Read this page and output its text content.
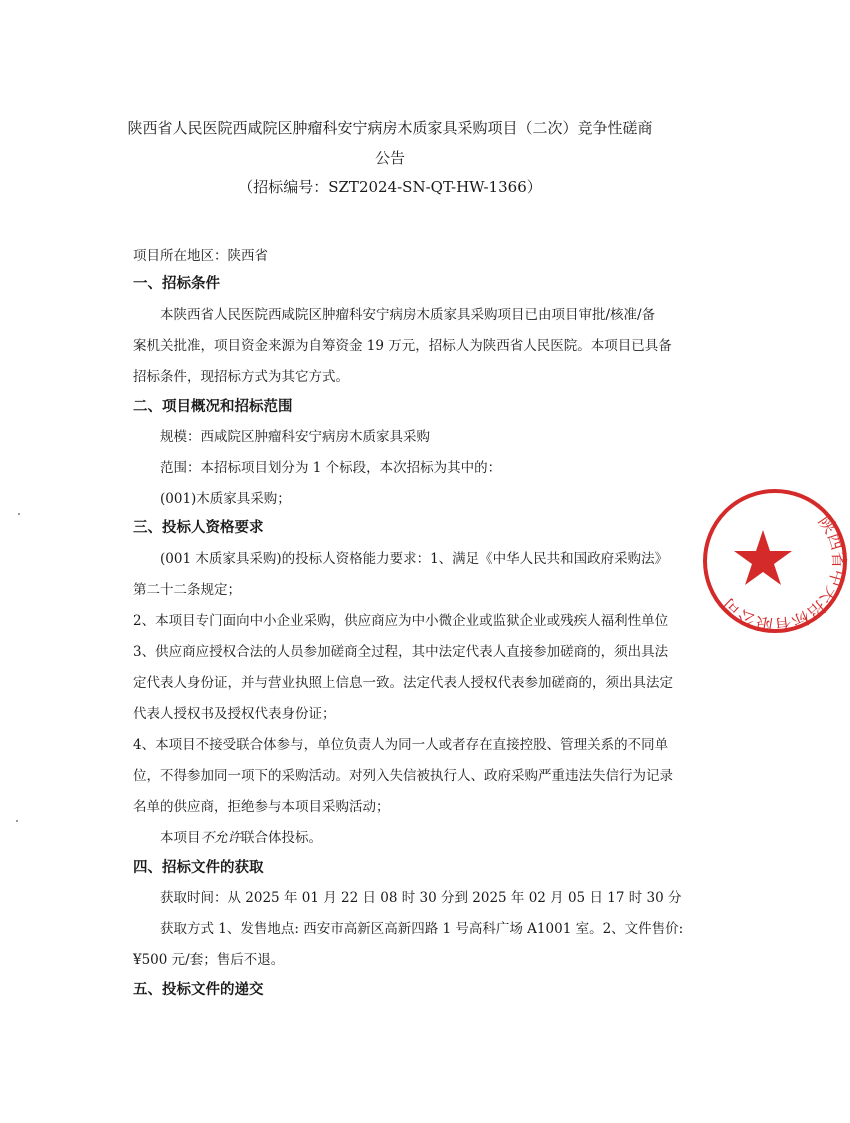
陕西省人民医院西咸院区肿瘤科安宁病房木质家具采购项目（二次）竞争性磋商
公告
（招标编号：SZT2024-SN-QT-HW-1366）
项目所在地区：陕西省
一、招标条件
本陕西省人民医院西咸院区肿瘤科安宁病房木质家具采购项目已由项目审批/核准/备
案机关批准，项目资金来源为自筹资金 19 万元，招标人为陕西省人民医院。本项目已具备
招标条件，现招标方式为其它方式。
二、项目概况和招标范围
规模：西咸院区肿瘤科安宁病房木质家具采购
范围：本招标项目划分为 1 个标段，本次招标为其中的：
(001)木质家具采购；
三、投标人资格要求
(001 木质家具采购)的投标人资格能力要求：1、满足《中华人民共和国政府采购法》
第二十二条规定；
2、本项目专门面向中小企业采购，供应商应为中小微企业或监狱企业或残疾人福利性单位
3、供应商应授权合法的人员参加磋商全过程，其中法定代表人直接参加磋商的，须出具法
定代表人身份证，并与营业执照上信息一致。法定代表人授权代表参加磋商的，须出具法定
代表人授权书及授权代表身份证；
4、本项目不接受联合体参与，单位负责人为同一人或者存在直接控股、管理关系的不同单
位，不得参加同一项下的采购活动。对列入失信被执行人、政府采购严重违法失信行为记录
名单的供应商，拒绝参与本项目采购活动；
本项目不允许联合体投标。
四、招标文件的获取
获取时间：从 2025 年 01 月 22 日 08 时 30 分到 2025 年 02 月 05 日 17 时 30 分
获取方式 1、发售地点: 西安市高新区高新四路 1 号高科广场 A1001 室。2、文件售价:
¥500 元/套；售后不退。
五、投标文件的递交
陕西省中天招标有限公司
